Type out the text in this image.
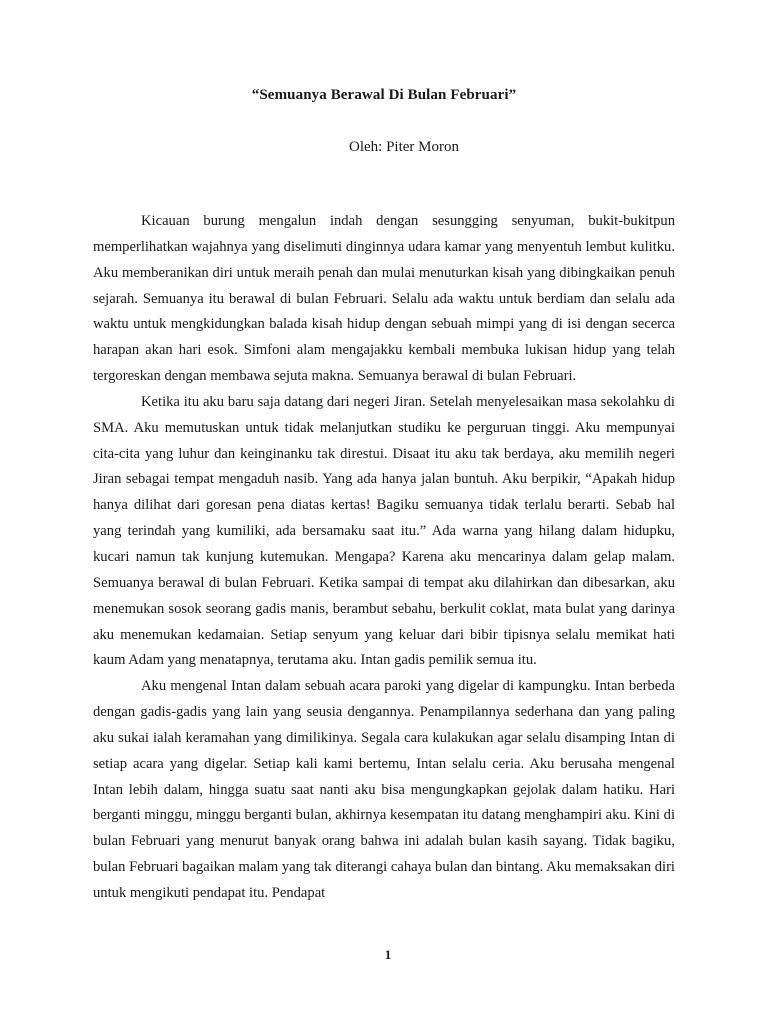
“Semuanya Berawal Di Bulan Februari”
Oleh: Piter Moron

Kicauan burung mengalun indah dengan sesungging senyuman, bukit-bukitpun memperlihatkan wajahnya yang diselimuti dinginnya udara kamar yang menyentuh lembut kulitku. Aku memberanikan diri untuk meraih penah dan mulai menuturkan kisah yang dibingkaikan penuh sejarah. Semuanya itu berawal di bulan Februari. Selalu ada waktu untuk berdiam dan selalu ada waktu untuk mengkidungkan balada kisah hidup dengan sebuah mimpi yang di isi dengan secerca harapan akan hari esok. Simfoni alam mengajakku kembali membuka lukisan hidup yang telah tergoreskan dengan membawa sejuta makna. Semuanya berawal di bulan Februari.

Ketika itu aku baru saja datang dari negeri Jiran. Setelah menyelesaikan masa sekolahku di SMA. Aku memutuskan untuk tidak melanjutkan studiku ke perguruan tinggi. Aku mempunyai cita-cita yang luhur dan keinginanku tak direstui. Disaat itu aku tak berdaya, aku memilih negeri Jiran sebagai tempat mengaduh nasib. Yang ada hanya jalan buntuh. Aku berpikir, “Apakah hidup hanya dilihat dari goresan pena diatas kertas! Bagiku semuanya tidak terlalu berarti. Sebab hal yang terindah yang kumiliki, ada bersamaku saat itu.” Ada warna yang hilang dalam hidupku, kucari namun tak kunjung kutemukan. Mengapa? Karena aku mencarinya dalam gelap malam. Semuanya berawal di bulan Februari. Ketika sampai di tempat aku dilahirkan dan dibesarkan, aku menemukan sosok seorang gadis manis, berambut sebahu, berkulit coklat, mata bulat yang darinya aku menemukan kedamaian. Setiap senyum yang keluar dari bibir tipisnya selalu memikat hati kaum Adam yang menatapnya, terutama aku. Intan gadis pemilik semua itu.

Aku mengenal Intan dalam sebuah acara paroki yang digelar di kampungku. Intan berbeda dengan gadis-gadis yang lain yang seusia dengannya. Penampilannya sederhana dan yang paling aku sukai ialah keramahan yang dimilikinya. Segala cara kulakukan agar selalu disamping Intan di setiap acara yang digelar. Setiap kali kami bertemu, Intan selalu ceria. Aku berusaha mengenal Intan lebih dalam, hingga suatu saat nanti aku bisa mengungkapkan gejolak dalam hatiku. Hari berganti minggu, minggu berganti bulan, akhirnya kesempatan itu datang menghampiri aku. Kini di bulan Februari yang menurut banyak orang bahwa ini adalah bulan kasih sayang. Tidak bagiku, bulan Februari bagaikan malam yang tak diterangi cahaya bulan dan bintang. Aku memaksakan diri untuk mengikuti pendapat itu. Pendapat

1
